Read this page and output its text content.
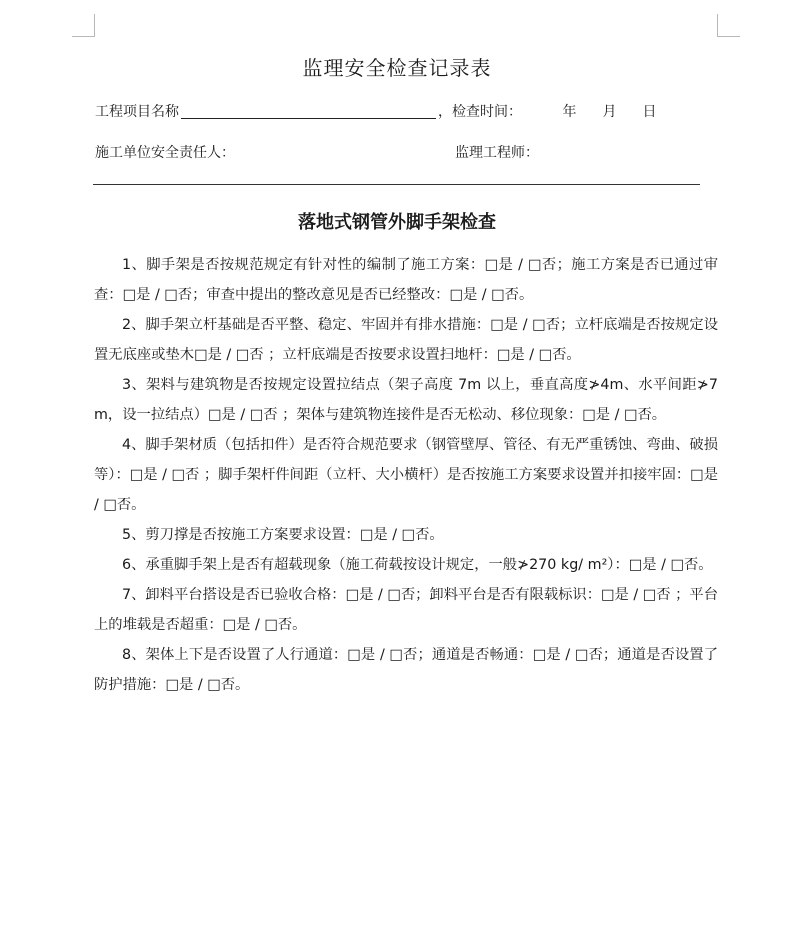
监理安全检查记录表
工程项目名称	，检查时间：	年 月 日
施工单位安全责任人：	监理工程师：
落地式钢管外脚手架检查

1、脚手架是否按规范规定有针对性的编制了施工方案：□是 / □否；施工方案是否已通过审查：□是 / □否；审查中提出的整改意见是否已经整改：□是 / □否。

2、脚手架立杆基础是否平整、稳定、牢固并有排水措施：□是 / □否；立杆底端是否按规定设置无底座或垫木□是 / □否 ；立杆底端是否按要求设置扫地杆：□是 / □否。

3、架料与建筑物是否按规定设置拉结点（架子高度 7m 以上，垂直高度≯4m、水平间距≯7m，设一拉结点）□是 / □否 ；架体与建筑物连接件是否无松动、移位现象：□是 / □否。

4、脚手架材质（包括扣件）是否符合规范要求（钢管壁厚、管径、有无严重锈蚀、弯曲、破损等）：□是 / □否 ；脚手架杆件间距（立杆、大小横杆）是否按施工方案要求设置并扣接牢固：□是 / □否。

5、剪刀撑是否按施工方案要求设置：□是 / □否。

6、承重脚手架上是否有超载现象（施工荷载按设计规定，一般≯270 kg/ m²）：□是 / □否。

7、卸料平台搭设是否已验收合格：□是 / □否；卸料平台是否有限载标识：□是 / □否 ；平台上的堆载是否超重：□是 / □否。

8、架体上下是否设置了人行通道：□是 / □否；通道是否畅通：□是 / □否；通道是否设置了防护措施：□是 / □否。
